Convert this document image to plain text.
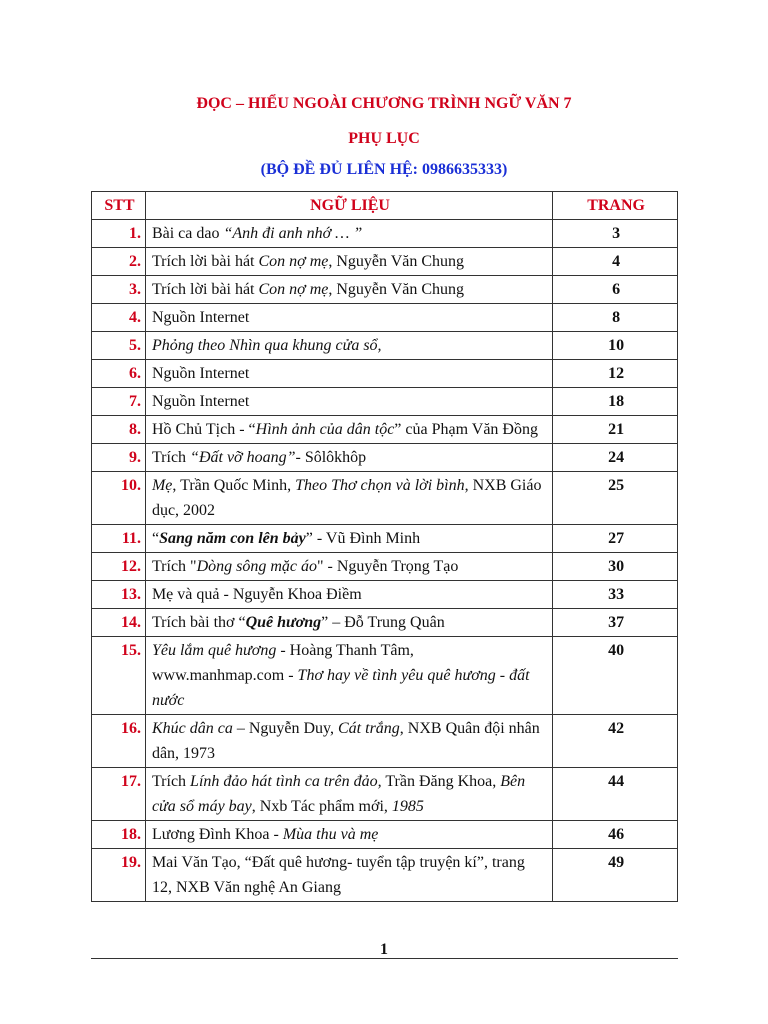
ĐỌC – HIỂU NGOÀI CHƯƠNG TRÌNH NGỮ VĂN 7
PHỤ LỤC
(BỘ ĐỀ ĐỦ LIÊN HỆ: 0986635333)
STT	NGỮ LIỆU	TRANG
1.	Bài ca dao “Anh đi anh nhớ … ”	3
2.	Trích lời bài hát Con nợ mẹ, Nguyễn Văn Chung	4
3.	Trích lời bài hát Con nợ mẹ, Nguyễn Văn Chung	6
4.	Nguồn Internet	8
5.	Phỏng theo Nhìn qua khung cửa sổ,	10
6.	Nguồn Internet	12
7.	Nguồn Internet	18
8.	Hồ Chủ Tịch - “Hình ảnh của dân tộc” của Phạm Văn Đồng	21
9.	Trích “Đất vỡ hoang”- Sôlôkhôp	24
10.	Mẹ, Trần Quốc Minh, Theo Thơ chọn và lời bình, NXB Giáo dục, 2002	25
11.	“Sang năm con lên bảy” - Vũ Đình Minh	27
12.	Trích "Dòng sông mặc áo" - Nguyễn Trọng Tạo	30
13.	Mẹ và quả - Nguyễn Khoa Điềm	33
14.	Trích bài thơ “Quê hương” – Đỗ Trung Quân	37
15.	Yêu lắm quê hương - Hoàng Thanh Tâm, www.manhmap.com - Thơ hay về tình yêu quê hương - đất nước	40
16.	Khúc dân ca – Nguyễn Duy, Cát trắng, NXB Quân đội nhân dân, 1973	42
17.	Trích Lính đảo hát tình ca trên đảo, Trần Đăng Khoa, Bên cửa sổ máy bay, Nxb Tác phẩm mới, 1985	44
18.	Lương Đình Khoa - Mùa thu và mẹ	46
19.	Mai Văn Tạo, “Đất quê hương- tuyển tập truyện kí”, trang 12, NXB Văn nghệ An Giang	49
1
